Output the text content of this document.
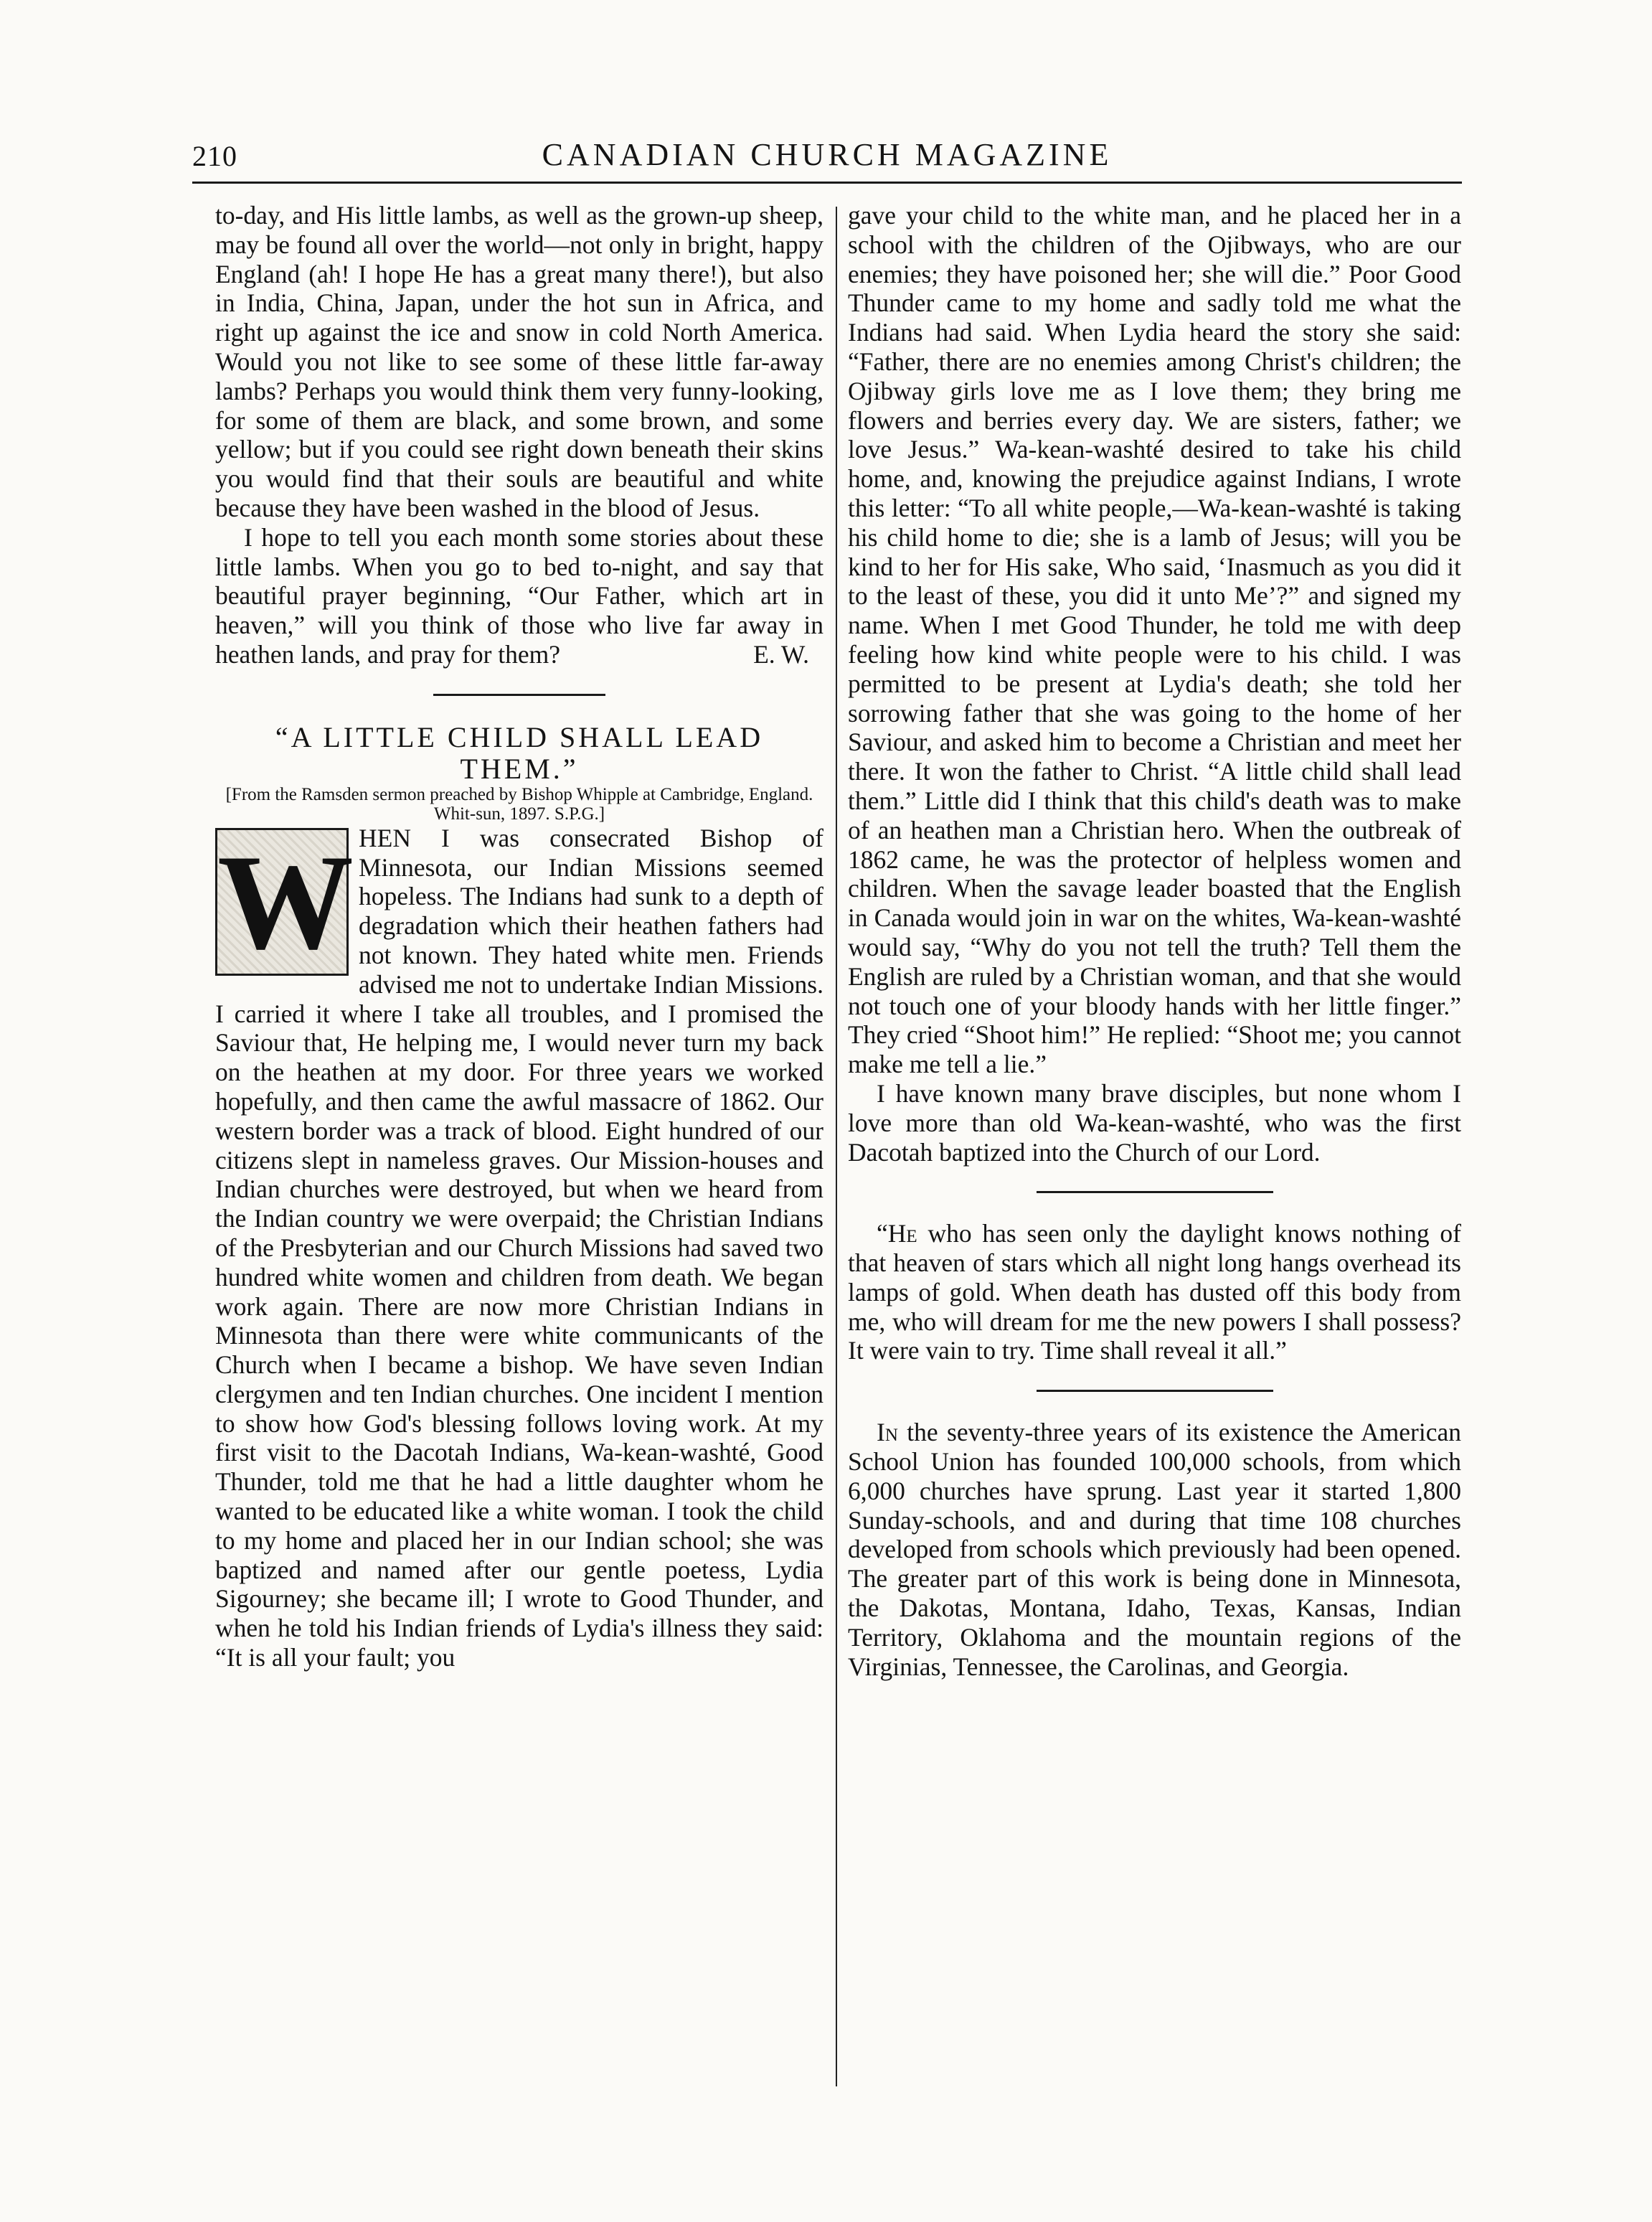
210	CANADIAN CHURCH MAGAZINE

to-day, and His little lambs, as well as the grown-up sheep, may be found all over the world—not only in bright, happy England (ah! I hope He has a great many there!), but also in India, China, Japan, under the hot sun in Africa, and right up against the ice and snow in cold North America. Would you not like to see some of these little far-away lambs? Perhaps you would think them very funny-looking, for some of them are black, and some brown, and some yellow; but if you could see right down beneath their skins you would find that their souls are beautiful and white because they have been washed in the blood of Jesus.

I hope to tell you each month some stories about these little lambs. When you go to bed to-night, and say that beautiful prayer beginning, “Our Father, which art in heaven,” will you think of those who live far away in heathen lands, and pray for them?	E. W.

“A LITTLE CHILD SHALL LEAD THEM.”

[From the Ramsden sermon preached by Bishop Whipple at Cambridge, England. Whit-sun, 1897. S.P.G.]

W HEN I was consecrated Bishop of Minnesota, our Indian Missions seemed hopeless. The Indians had sunk to a depth of degradation which their heathen fathers had not known. They hated white men. Friends advised me not to undertake Indian Missions. I carried it where I take all troubles, and I promised the Saviour that, He helping me, I would never turn my back on the heathen at my door. For three years we worked hopefully, and then came the awful massacre of 1862. Our western border was a track of blood. Eight hundred of our citizens slept in nameless graves. Our Mission-houses and Indian churches were destroyed, but when we heard from the Indian country we were overpaid; the Christian Indians of the Presbyterian and our Church Missions had saved two hundred white women and children from death. We began work again. There are now more Christian Indians in Minnesota than there were white communicants of the Church when I became a bishop. We have seven Indian clergymen and ten Indian churches. One incident I mention to show how God's blessing follows loving work. At my first visit to the Dacotah Indians, Wa-kean-washté, Good Thunder, told me that he had a little daughter whom he wanted to be educated like a white woman. I took the child to my home and placed her in our Indian school; she was baptized and named after our gentle poetess, Lydia Sigourney; she became ill; I wrote to Good Thunder, and when he told his Indian friends of Lydia's illness they said: “It is all your fault; you

gave your child to the white man, and he placed her in a school with the children of the Ojibways, who are our enemies; they have poisoned her; she will die.” Poor Good Thunder came to my home and sadly told me what the Indians had said. When Lydia heard the story she said: “Father, there are no enemies among Christ's children; the Ojibway girls love me as I love them; they bring me flowers and berries every day. We are sisters, father; we love Jesus.” Wa-kean-washté desired to take his child home, and, knowing the prejudice against Indians, I wrote this letter: “To all white people,—Wa-kean-washté is taking his child home to die; she is a lamb of Jesus; will you be kind to her for His sake, Who said, ‘Inasmuch as you did it to the least of these, you did it unto Me’?” and signed my name. When I met Good Thunder, he told me with deep feeling how kind white people were to his child. I was permitted to be present at Lydia's death; she told her sorrowing father that she was going to the home of her Saviour, and asked him to become a Christian and meet her there. It won the father to Christ. “A little child shall lead them.” Little did I think that this child's death was to make of an heathen man a Christian hero. When the outbreak of 1862 came, he was the protector of helpless women and children. When the savage leader boasted that the English in Canada would join in war on the whites, Wa-kean-washté would say, “Why do you not tell the truth? Tell them the English are ruled by a Christian woman, and that she would not touch one of your bloody hands with her little finger.” They cried “Shoot him!” He replied: “Shoot me; you cannot make me tell a lie.”

I have known many brave disciples, but none whom I love more than old Wa-kean-washté, who was the first Dacotah baptized into the Church of our Lord.

“He who has seen only the daylight knows nothing of that heaven of stars which all night long hangs overhead its lamps of gold. When death has dusted off this body from me, who will dream for me the new powers I shall possess? It were vain to try. Time shall reveal it all.”

In the seventy-three years of its existence the American School Union has founded 100,000 schools, from which 6,000 churches have sprung. Last year it started 1,800 Sunday-schools, and and during that time 108 churches developed from schools which previously had been opened. The greater part of this work is being done in Minnesota, the Dakotas, Montana, Idaho, Texas, Kansas, Indian Territory, Oklahoma and the mountain regions of the Virginias, Tennessee, the Carolinas, and Georgia.
